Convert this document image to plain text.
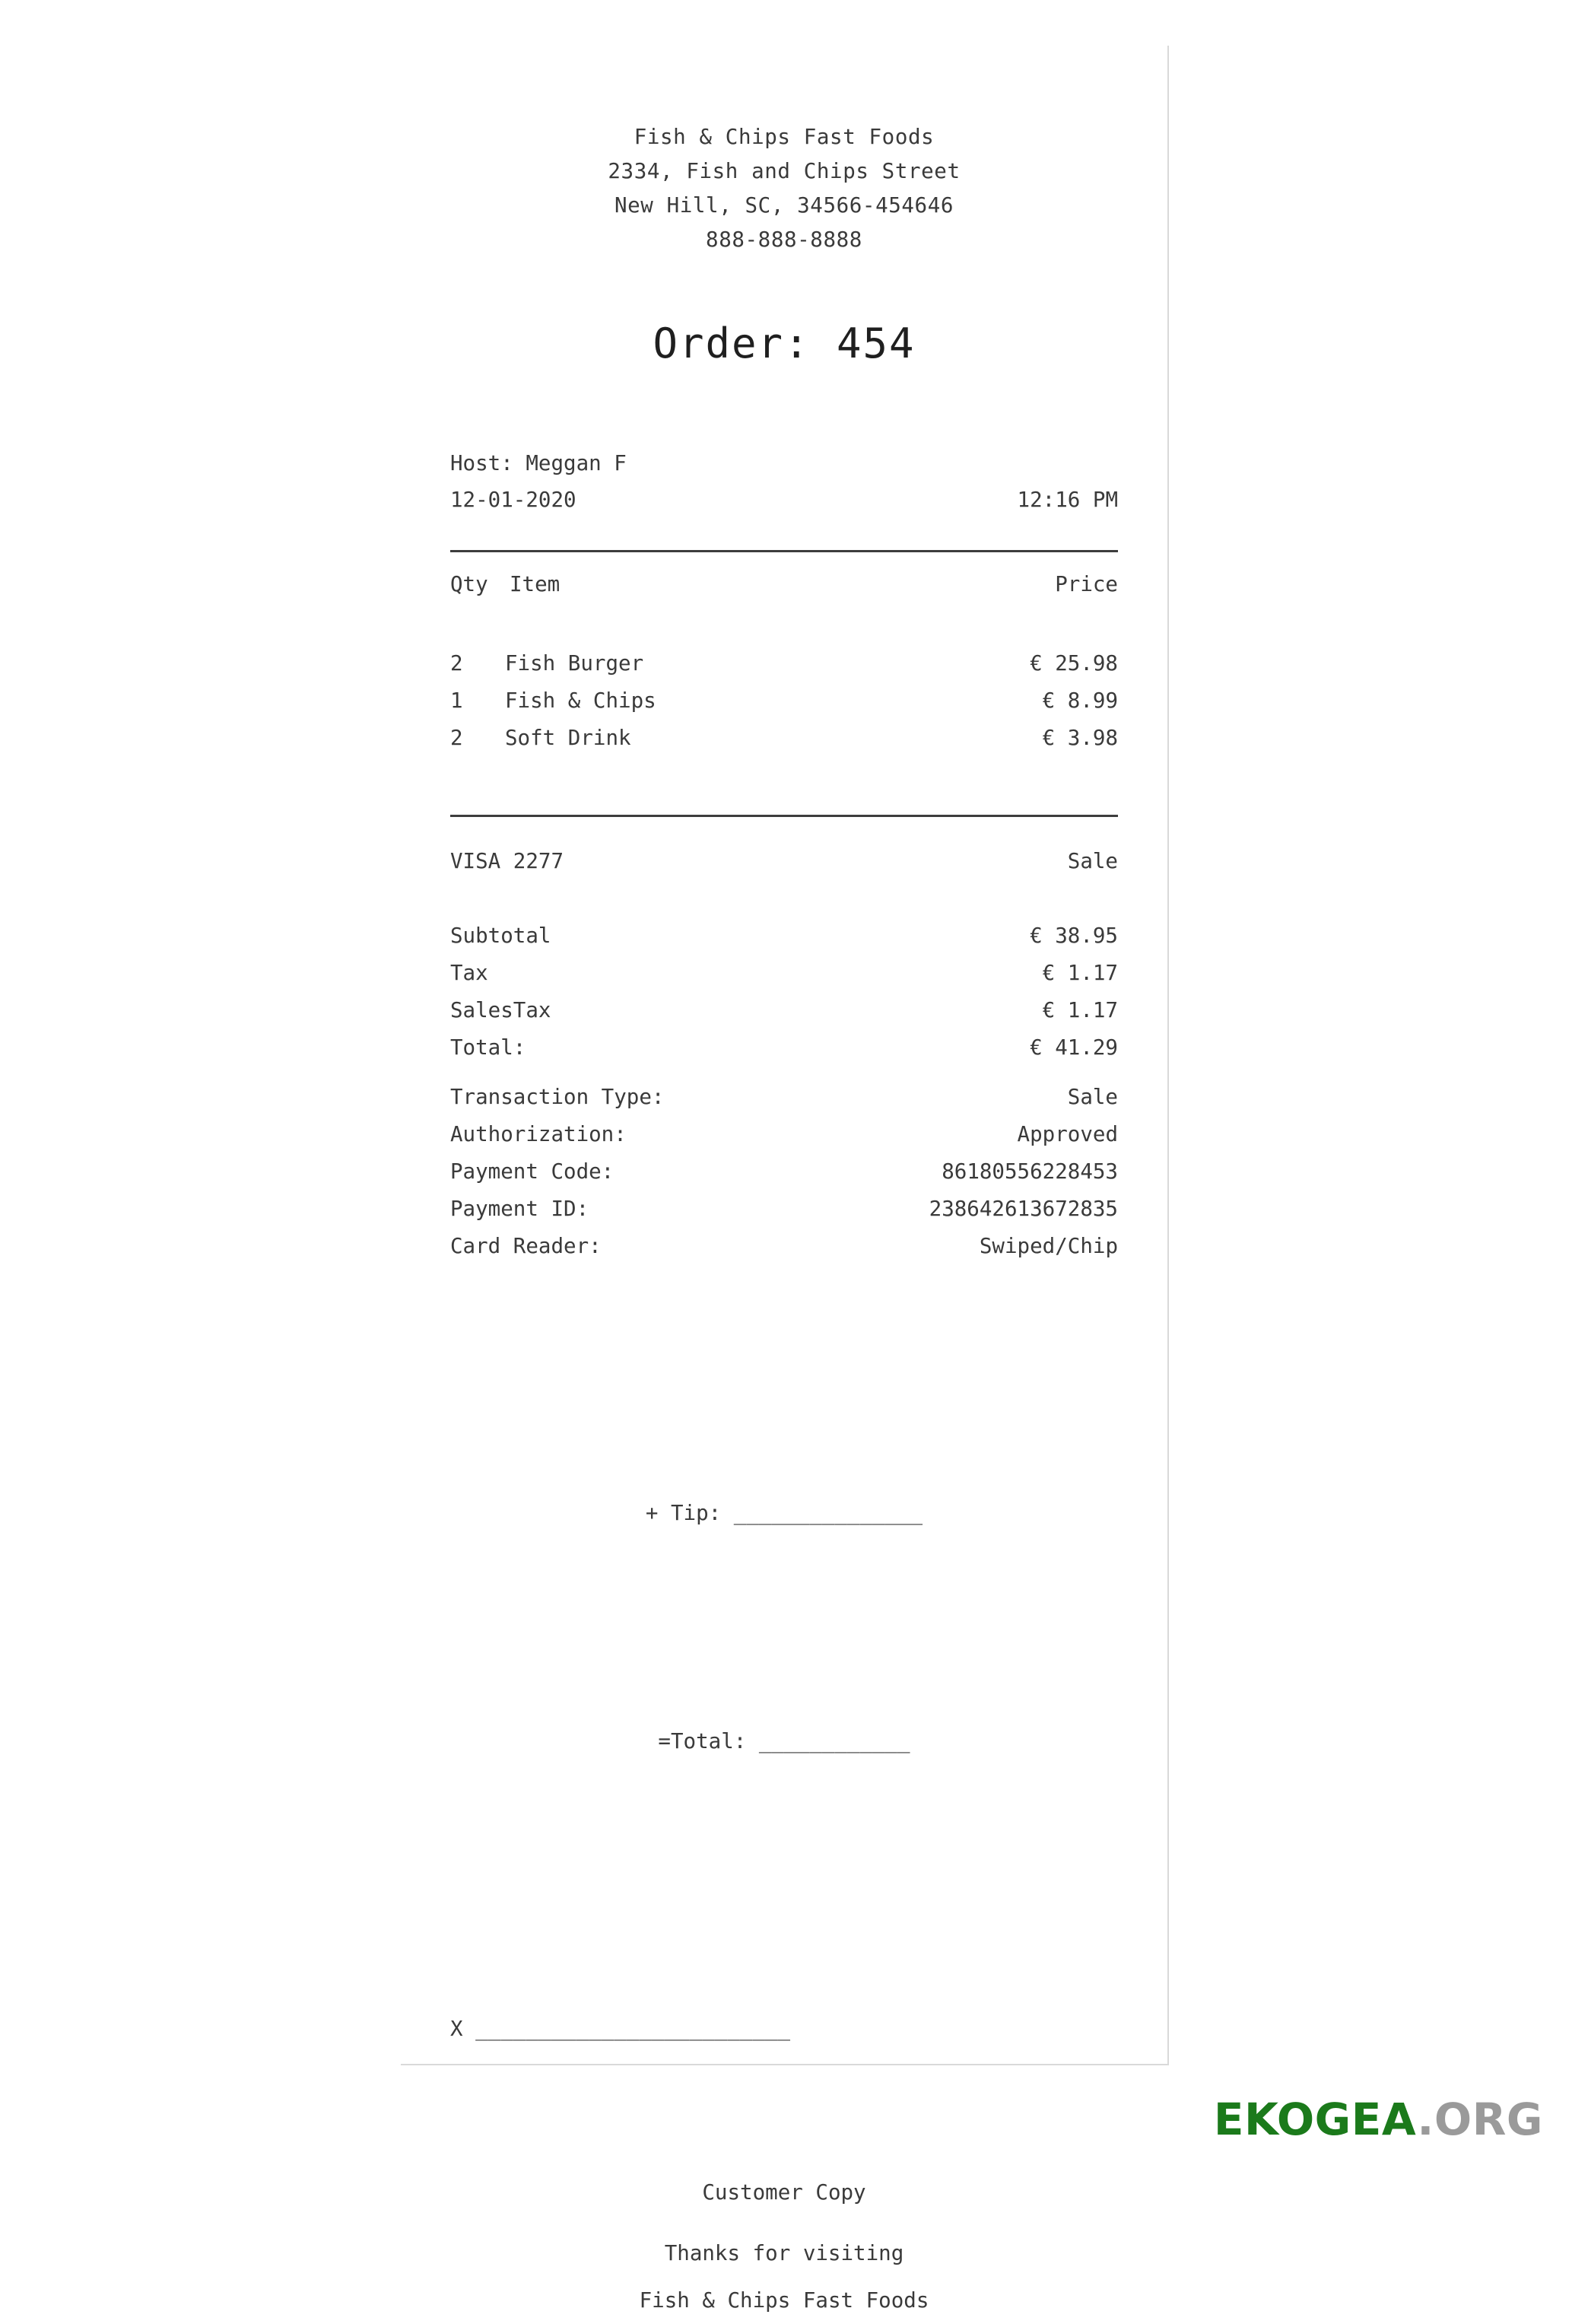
Fish & Chips Fast Foods
2334, Fish and Chips Street
New Hill, SC, 34566-454646
888-888-8888
Order: 454
Host: Meggan F
12-01-2020	12:16 PM
Qty	Item	Price
2	Fish Burger	€ 25.98
1	Fish & Chips	€ 8.99
2	Soft Drink	€ 3.98
VISA 2277	Sale
Subtotal	€ 38.95
Tax	€ 1.17
SalesTax	€ 1.17
Total:	€ 41.29
Transaction Type:	Sale
Authorization:	Approved
Payment Code:	86180556228453
Payment ID:	238642613672835
Card Reader:	Swiped/Chip

+ Tip: _______________

=Total: ____________

X _________________________
Customer Copy
Thanks for visiting
Fish & Chips Fast Foods
EKOGEA.ORG
